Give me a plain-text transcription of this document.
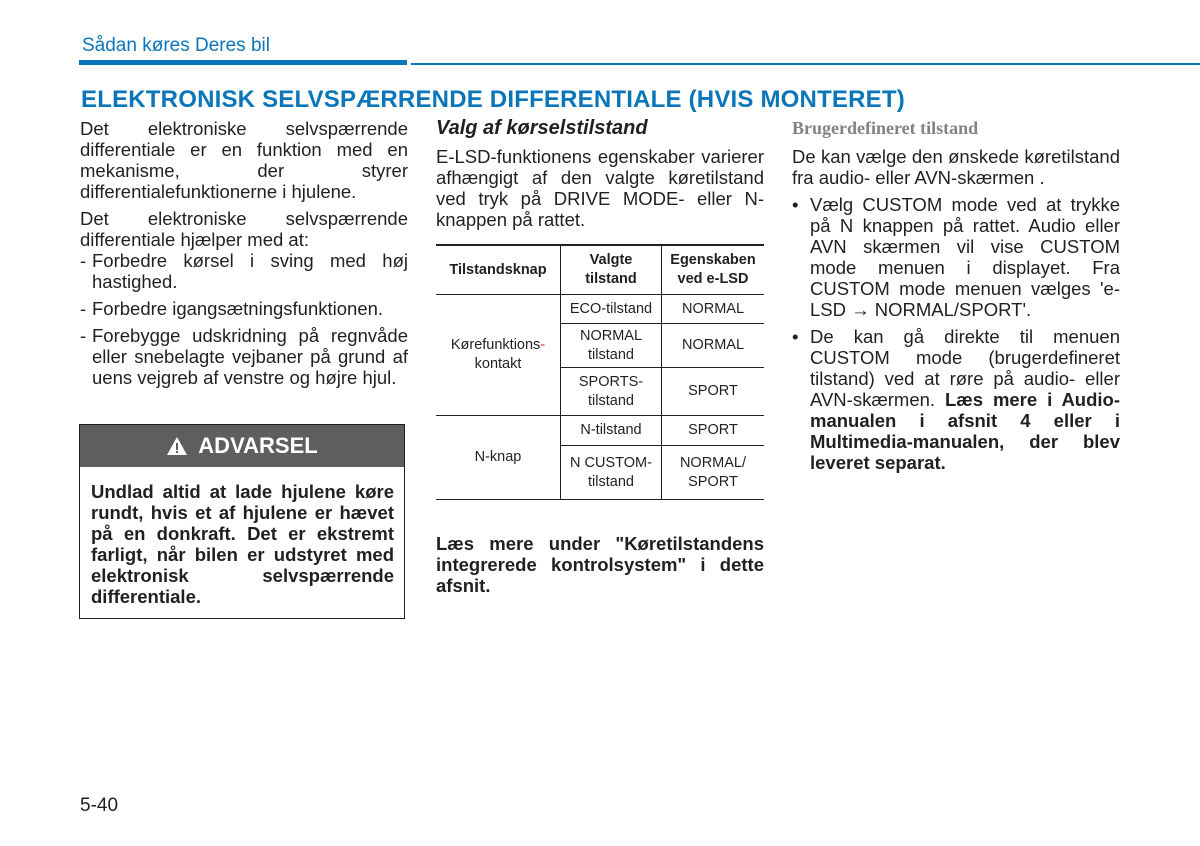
Sådan køres Deres bil
ELEKTRONISK SELVSPÆRRENDE DIFFERENTIALE (HVIS MONTERET)

Det elektroniske selvspærrende differentiale er en funktion med en mekanisme, der styrer differentialefunktionerne i hjulene.

Det elektroniske selvspærrende differentiale hjælper med at:

- Forbedre kørsel i sving med høj hastighed.
- Forbedre igangsætningsfunktionen.
- Forebygge udskridning på regnvåde eller snebelagte vejbaner på grund af uens vejgreb af venstre og højre hjul.
ADVARSEL
Undlad altid at lade hjulene køre rundt, hvis et af hjulene er hævet på en donkraft. Det er ekstremt farligt, når bilen er udstyret med elektronisk selvspærrende differentiale.

Valg af kørselstilstand

E-LSD-funktionens egenskaber varierer afhængigt af den valgte køretilstand ved tryk på DRIVE MODE- eller N-knappen på rattet.

Tilstandsknap	Valgte tilstand	Egenskaben ved e-LSD
Kørefunktions-
kontakt	ECO-tilstand	NORMAL
	NORMAL tilstand	NORMAL
	SPORTS-tilstand	SPORT
N-knap	N-tilstand	SPORT
	N CUSTOM-tilstand	NORMAL/ SPORT

Læs mere under "Køretilstandens integrerede kontrolsystem" i dette afsnit.

Brugerdefineret tilstand

De kan vælge den ønskede køretilstand fra audio- eller AVN-skærmen .

• Vælg CUSTOM mode ved at trykke på N knappen på rattet. Audio eller AVN skærmen vil vise CUSTOM mode menuen i displayet. Fra CUSTOM mode menuen vælges 'e-LSD → NORMAL/SPORT'.
• De kan gå direkte til menuen CUSTOM mode (brugerdefineret tilstand) ved at røre på audio- eller AVN-skærmen. Læs mere i Audio-manualen i afsnit 4 eller i Multimedia-manualen, der blev leveret separat.
5-40
